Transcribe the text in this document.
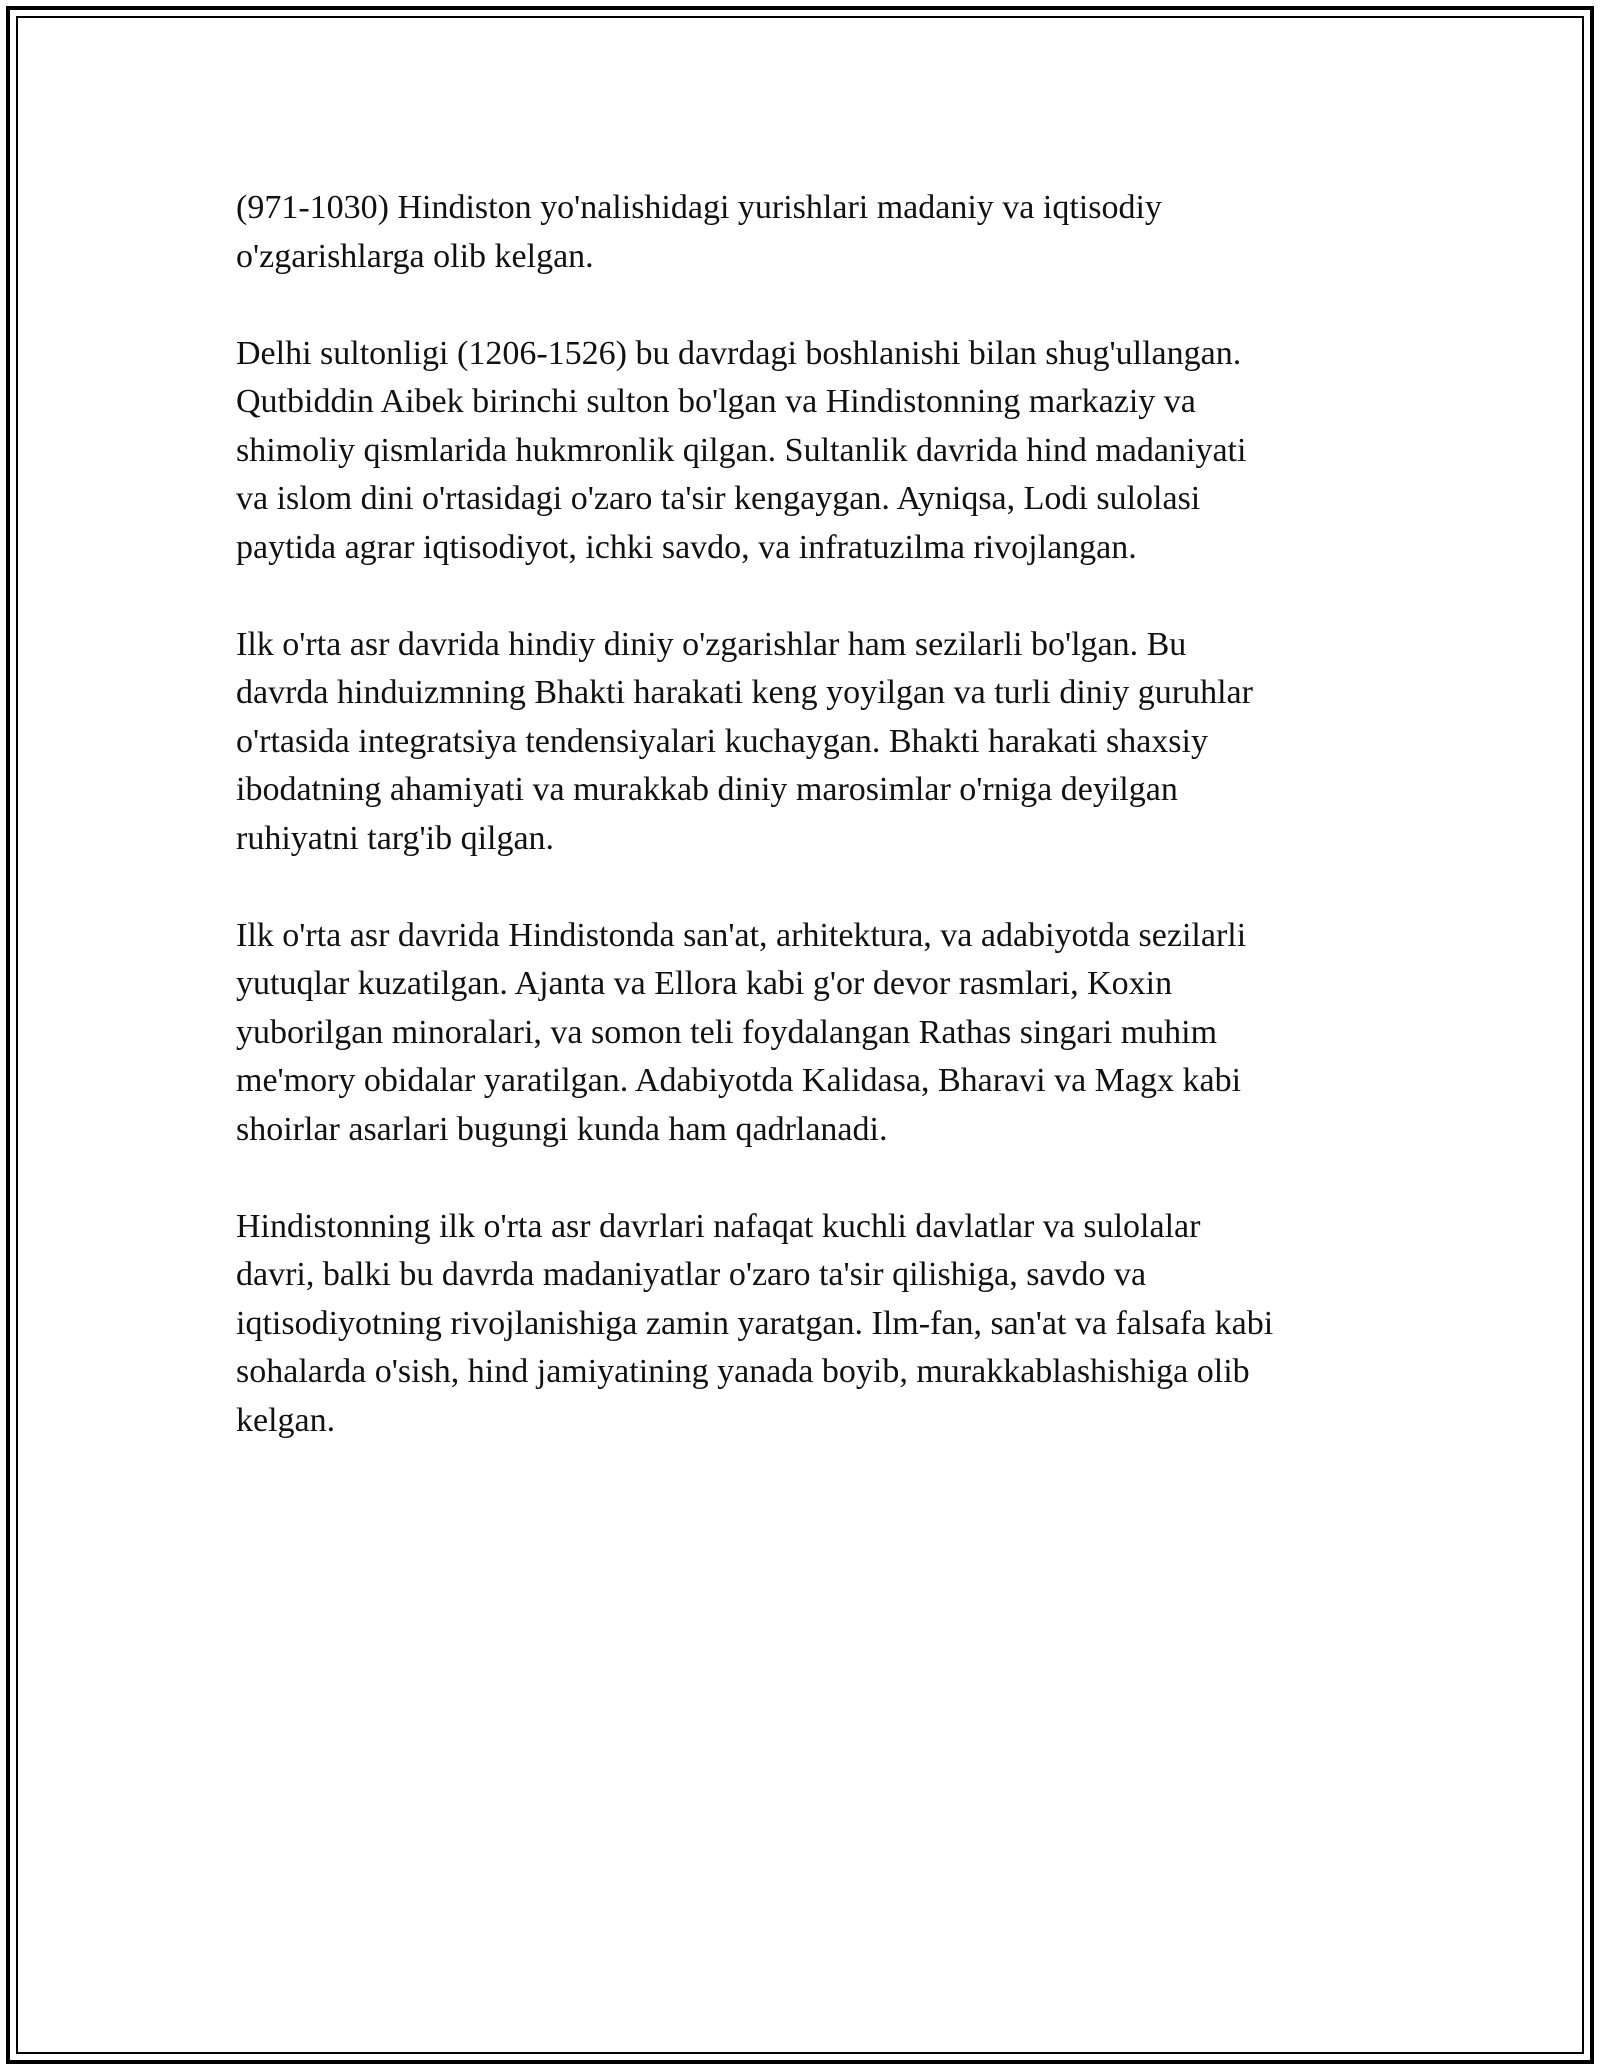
(971-1030) Hindiston yo'nalishidagi yurishlari madaniy va iqtisodiy
o'zgarishlarga olib kelgan.

Delhi sultonligi (1206-1526) bu davrdagi boshlanishi bilan shug'ullangan.
Qutbiddin Aibek birinchi sulton bo'lgan va Hindistonning markaziy va
shimoliy qismlarida hukmronlik qilgan. Sultanlik davrida hind madaniyati
va islom dini o'rtasidagi o'zaro ta'sir kengaygan. Ayniqsa, Lodi sulolasi
paytida agrar iqtisodiyot, ichki savdo, va infratuzilma rivojlangan.

Ilk o'rta asr davrida hindiy diniy o'zgarishlar ham sezilarli bo'lgan. Bu
davrda hinduizmning Bhakti harakati keng yoyilgan va turli diniy guruhlar
o'rtasida integratsiya tendensiyalari kuchaygan. Bhakti harakati shaxsiy
ibodatning ahamiyati va murakkab diniy marosimlar o'rniga deyilgan
ruhiyatni targ'ib qilgan.

Ilk o'rta asr davrida Hindistonda san'at, arhitektura, va adabiyotda sezilarli
yutuqlar kuzatilgan. Ajanta va Ellora kabi g'or devor rasmlari, Koxin
yuborilgan minoralari, va somon teli foydalangan Rathas singari muhim
me'mory obidalar yaratilgan. Adabiyotda Kalidasa, Bharavi va Magx kabi
shoirlar asarlari bugungi kunda ham qadrlanadi.

Hindistonning ilk o'rta asr davrlari nafaqat kuchli davlatlar va sulolalar
davri, balki bu davrda madaniyatlar o'zaro ta'sir qilishiga, savdo va
iqtisodiyotning rivojlanishiga zamin yaratgan. Ilm-fan, san'at va falsafa kabi
sohalarda o'sish, hind jamiyatining yanada boyib, murakkablashishiga olib
kelgan.
